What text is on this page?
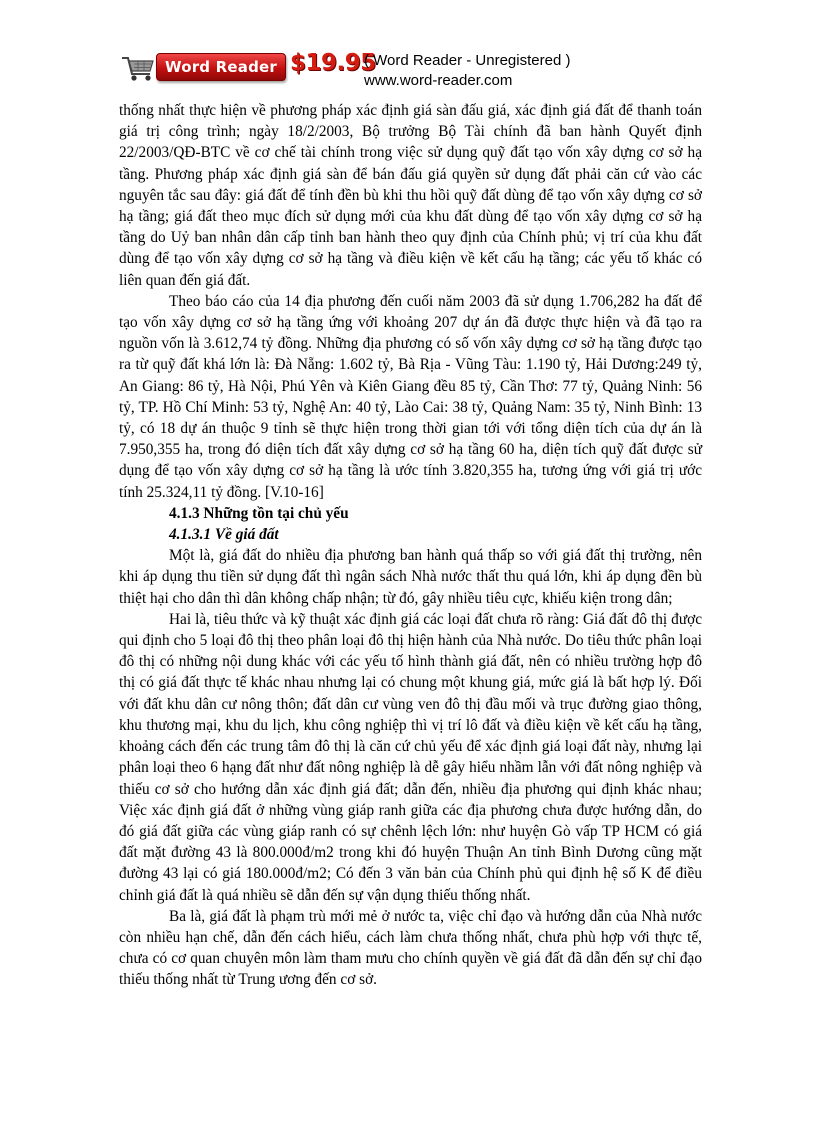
Word Reader $19.95
( Word Reader - Unregistered )
www.word-reader.com

thống nhất thực hiện về phương pháp xác định giá sàn đấu giá, xác định giá đất để thanh toán giá trị công trình; ngày 18/2/2003, Bộ trưởng Bộ Tài chính đã ban hành Quyết định 22/2003/QĐ-BTC về cơ chế tài chính trong việc sử dụng quỹ đất tạo vốn xây dựng cơ sở hạ tầng. Phương pháp xác định giá sàn để bán đấu giá quyền sử dụng đất phải căn cứ vào các nguyên tắc sau đây: giá đất để tính đền bù khi thu hồi quỹ đất dùng để tạo vốn xây dựng cơ sở hạ tầng; giá đất theo mục đích sử dụng mới của khu đất dùng để tạo vốn xây dựng cơ sở hạ tầng do Uỷ ban nhân dân cấp tỉnh ban hành theo quy định của Chính phủ; vị trí của khu đất dùng để tạo vốn xây dựng cơ sở hạ tầng và điều kiện về kết cấu hạ tầng; các yếu tố khác có liên quan đến giá đất.

Theo báo cáo của 14 địa phương đến cuối năm 2003 đã sử dụng 1.706,282 ha đất để tạo vốn xây dựng cơ sở hạ tầng ứng với khoảng 207 dự án đã được thực hiện và đã tạo ra nguồn vốn là 3.612,74 tỷ đồng. Những địa phương có số vốn xây dựng cơ sở hạ tầng được tạo ra từ quỹ đất khá lớn là: Đà Nẵng: 1.602 tỷ, Bà Rịa - Vũng Tàu: 1.190 tỷ, Hải Dương:249 tỷ, An Giang: 86 tỷ, Hà Nội, Phú Yên và Kiên Giang đều 85 tỷ, Cần Thơ: 77 tỷ, Quảng Ninh: 56 tỷ, TP. Hồ Chí Minh: 53 tỷ, Nghệ An: 40 tỷ, Lào Cai: 38 tỷ, Quảng Nam: 35 tỷ, Ninh Bình: 13 tỷ, có 18 dự án thuộc 9 tỉnh sẽ thực hiện trong thời gian tới với tổng diện tích của dự án là 7.950,355 ha, trong đó diện tích đất xây dựng cơ sở hạ tầng 60 ha, diện tích quỹ đất được sử dụng để tạo vốn xây dựng cơ sở hạ tầng là ước tính 3.820,355 ha, tương ứng với giá trị ước tính 25.324,11 tỷ đồng. [V.10-16]

4.1.3 Những tồn tại chủ yếu

4.1.3.1 Về giá đất

Một là, giá đất do nhiều địa phương ban hành quá thấp so với giá đất thị trường, nên khi áp dụng thu tiền sử dụng đất thì ngân sách Nhà nước thất thu quá lớn, khi áp dụng đền bù thiệt hại cho dân thì dân không chấp nhận; từ đó, gây nhiều tiêu cực, khiếu kiện trong dân;

Hai là, tiêu thức và kỹ thuật xác định giá các loại đất chưa rõ ràng: Giá đất đô thị được qui định cho 5 loại đô thị theo phân loại đô thị hiện hành của Nhà nước. Do tiêu thức phân loại đô thị có những nội dung khác với các yếu tố hình thành giá đất, nên có nhiều trường hợp đô thị có giá đất thực tế khác nhau nhưng lại có chung một khung giá, mức giá là bất hợp lý. Đối với đất khu dân cư nông thôn; đất dân cư vùng ven đô thị đầu mối và trục đường giao thông, khu thương mại, khu du lịch, khu công nghiệp thì vị trí lô đất và điều kiện về kết cấu hạ tầng, khoảng cách đến các trung tâm đô thị là căn cứ chủ yếu để xác định giá loại đất này, nhưng lại phân loại theo 6 hạng đất như đất nông nghiệp là dễ gây hiểu nhầm lẫn với đất nông nghiệp và thiếu cơ sở cho hướng dẫn xác định giá đất; dẫn đến, nhiều địa phương qui định khác nhau; Việc xác định giá đất ở những vùng giáp ranh giữa các địa phương chưa được hướng dẫn, do đó giá đất giữa các vùng giáp ranh có sự chênh lệch lớn: như huyện Gò vấp TP HCM có giá đất mặt đường 43 là 800.000đ/m2 trong khi đó huyện Thuận An tỉnh Bình Dương cũng mặt đường 43 lại có giá 180.000đ/m2; Có đến 3 văn bản của Chính phủ qui định hệ số K để điều chỉnh giá đất là quá nhiều sẽ dẫn đến sự vận dụng thiếu thống nhất.

Ba là, giá đất là phạm trù mới mẻ ở nước ta, việc chỉ đạo và hướng dẫn của Nhà nước còn nhiều hạn chế, dẫn đến cách hiểu, cách làm chưa thống nhất, chưa phù hợp với thực tế, chưa có cơ quan chuyên môn làm tham mưu cho chính quyền về giá đất đã dẫn đến sự chỉ đạo thiếu thống nhất từ Trung ương đến cơ sở.
